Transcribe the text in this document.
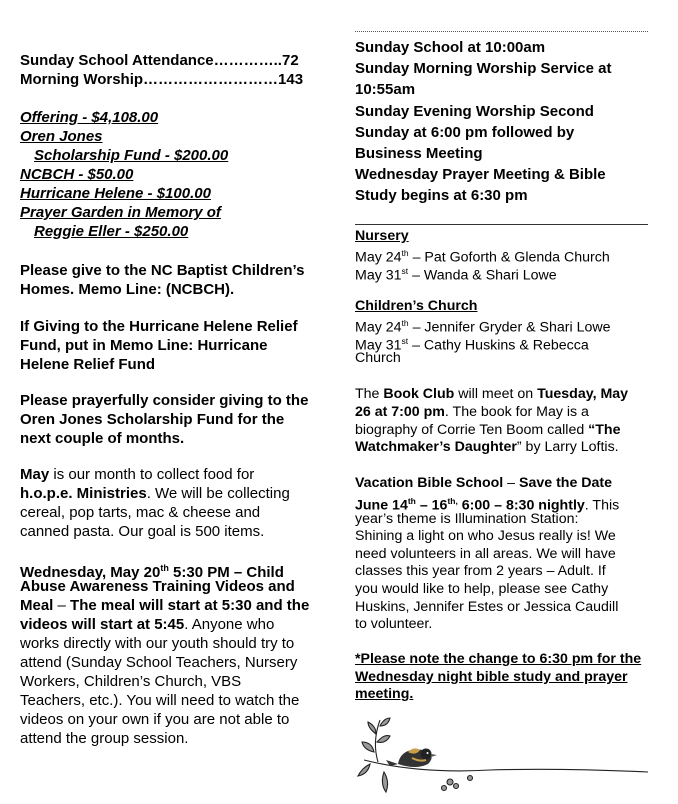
Sunday School Attendance…………..72
Morning Worship………………………143
Offering - $4,108.00
Oren Jones
Scholarship Fund - $200.00
NCBCH - $50.00
Hurricane Helene - $100.00
Prayer Garden in Memory of
Reggie Eller - $250.00
Please give to the NC Baptist Children’s
Homes. Memo Line: (NCBCH).
If Giving to the Hurricane Helene Relief
Fund, put in Memo Line: Hurricane
Helene Relief Fund
Please prayerfully consider giving to the
Oren Jones Scholarship Fund for the
next couple of months.
May is our month to collect food for
h.o.p.e. Ministries. We will be collecting
cereal, pop tarts, mac & cheese and
canned pasta. Our goal is 500 items.
Wednesday, May 20th 5:30 PM – Child
Abuse Awareness Training Videos and
Meal – The meal will start at 5:30 and the
videos will start at 5:45. Anyone who
works directly with our youth should try to
attend (Sunday School Teachers, Nursery
Workers, Children’s Church, VBS
Teachers, etc.). You will need to watch the
videos on your own if you are not able to
attend the group session.
Sunday School at 10:00am
Sunday Morning Worship Service at
10:55am
Sunday Evening Worship Second
Sunday at 6:00 pm followed by
Business Meeting
Wednesday Prayer Meeting & Bible
Study begins at 6:30 pm
Nursery
May 24th – Pat Goforth & Glenda Church
May 31st – Wanda & Shari Lowe
Children’s Church
May 24th – Jennifer Gryder & Shari Lowe
May 31st – Cathy Huskins & Rebecca
Church
The Book Club will meet on Tuesday, May
26 at 7:00 pm. The book for May is a
biography of Corrie Ten Boom called “The
Watchmaker’s Daughter” by Larry Loftis.
Vacation Bible School – Save the Date
June $14th - 16^{th,}$ 6:00 – 8:30 nightly. This
year’s theme is Illumination Station:
Shining a light on who Jesus really is! We
need volunteers in all areas. We will have
classes this year from 2 years – Adult. If
you would like to help, please see Cathy
Huskins, Jennifer Estes or Jessica Caudill
to volunteer.
*Please note the change to 6:30 pm for the
Wednesday night bible study and prayer
meeting.
